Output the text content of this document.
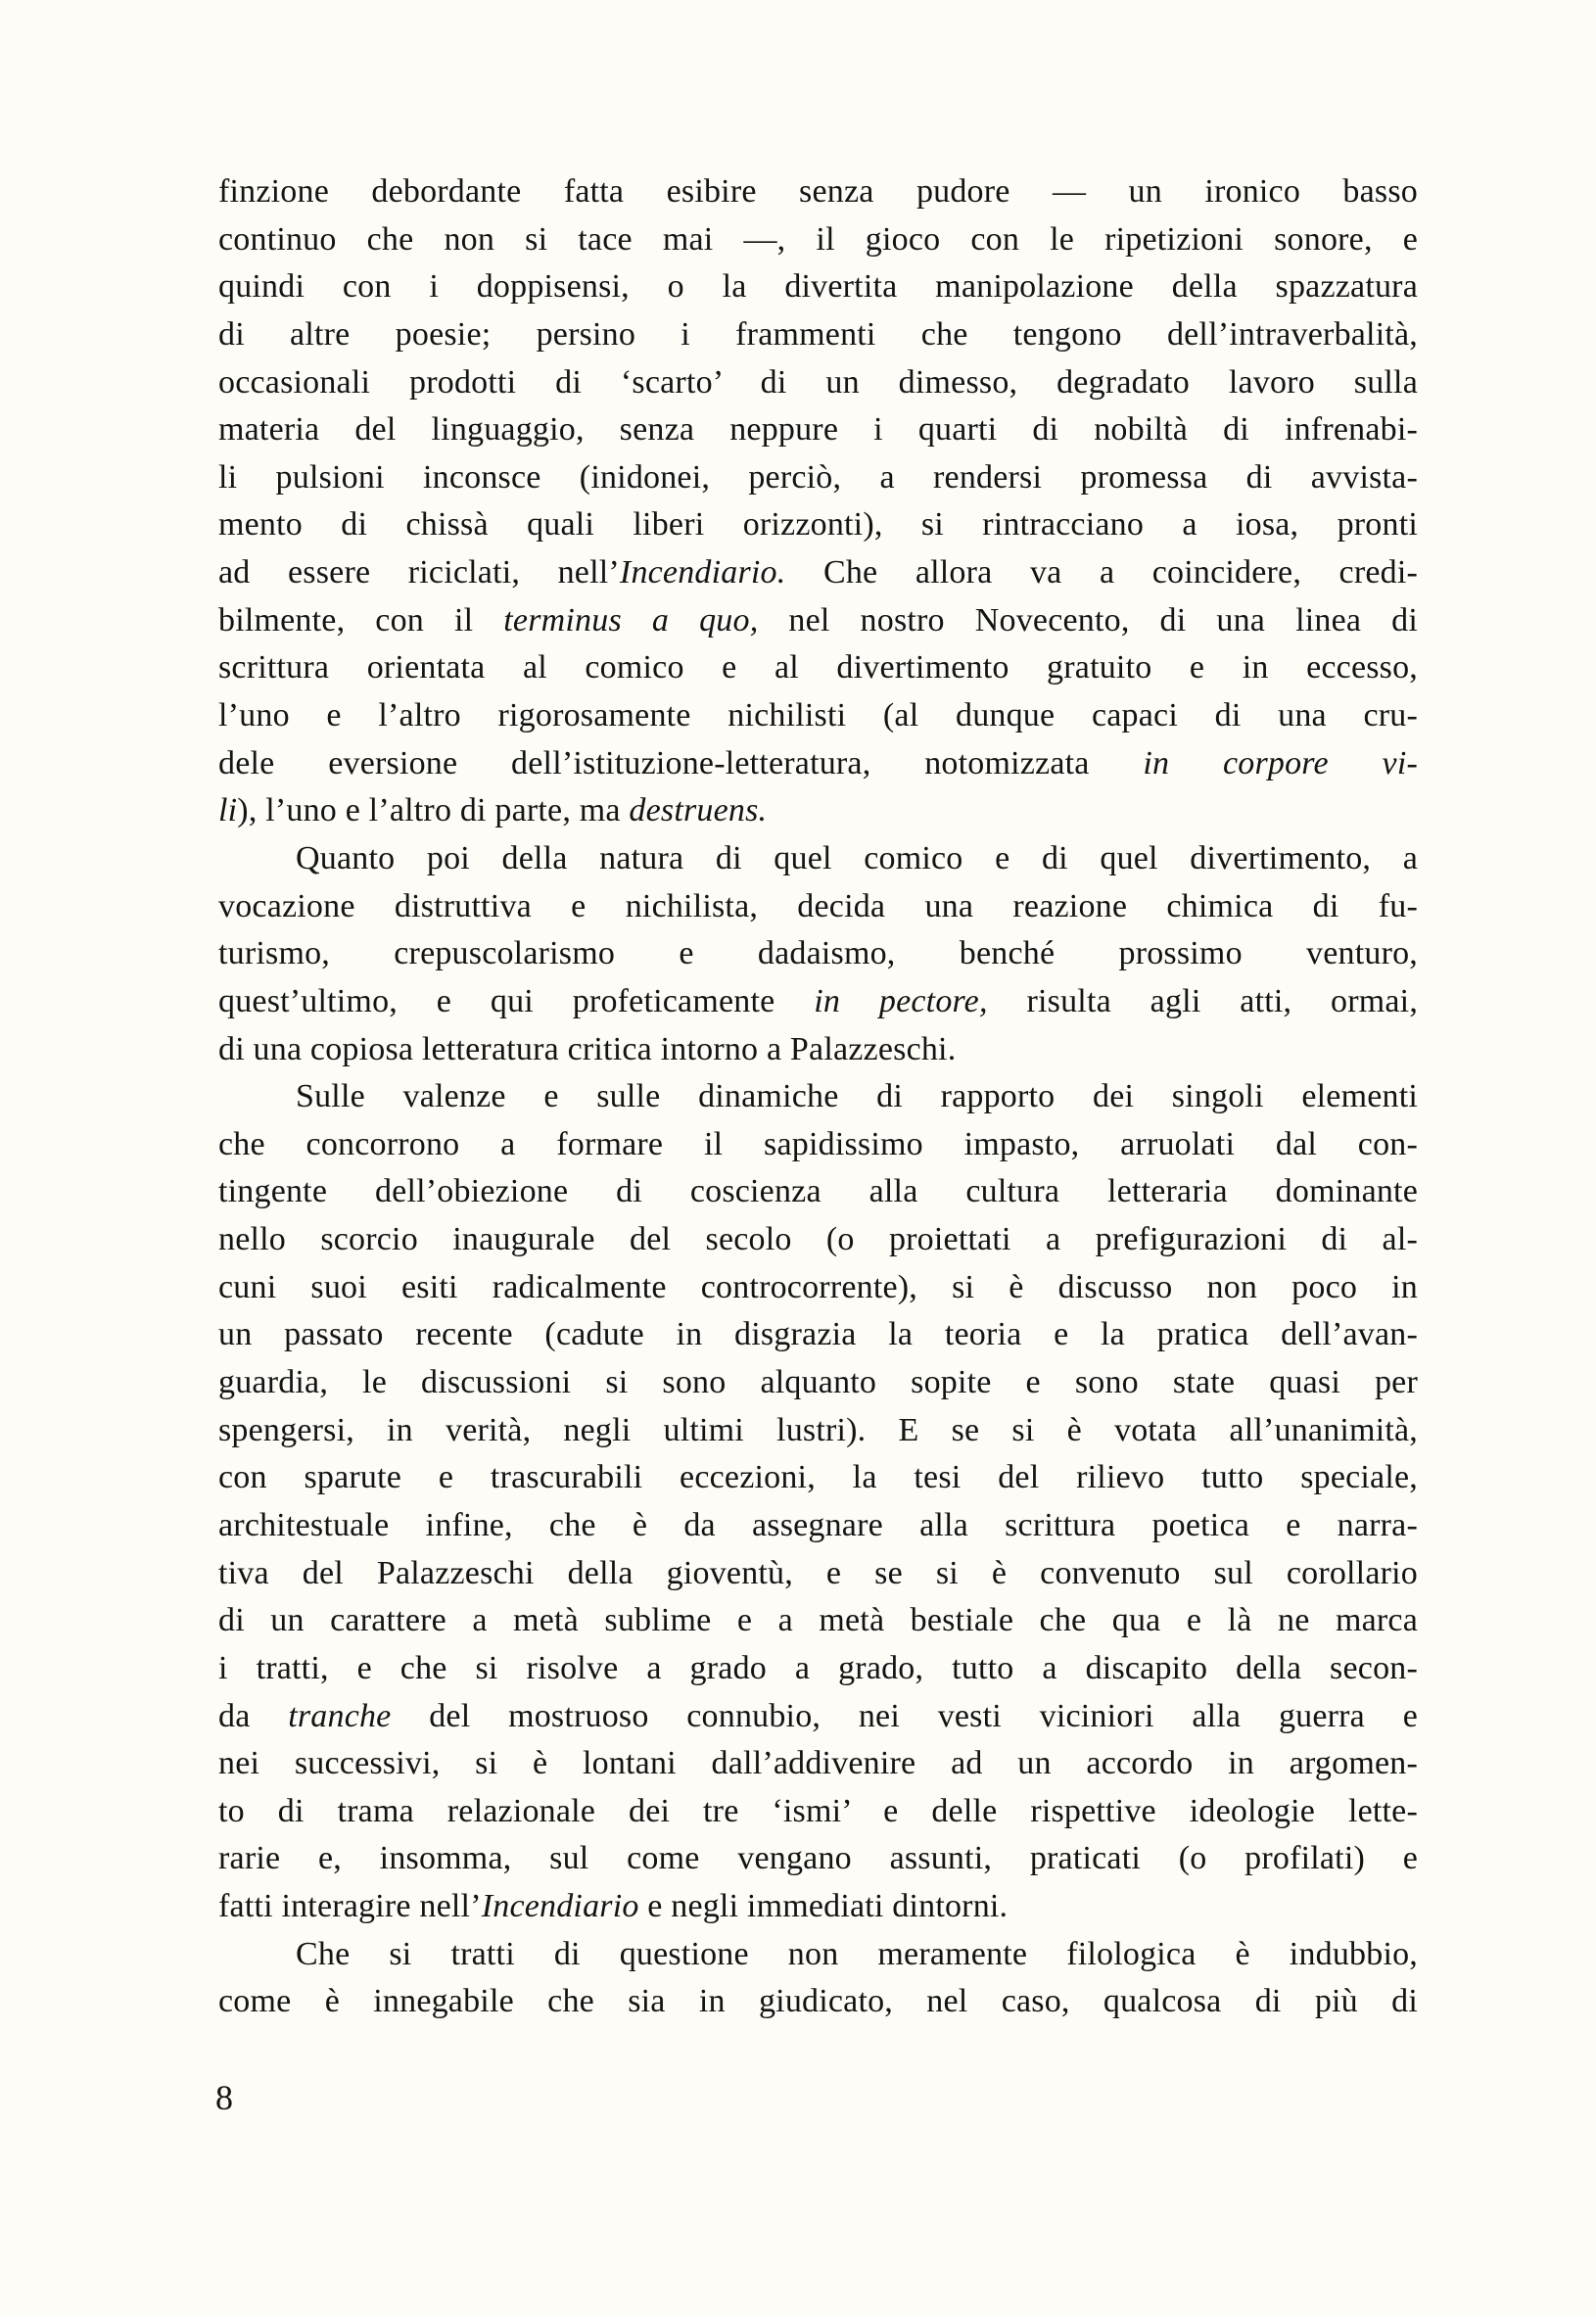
finzione debordante fatta esibire senza pudore — un ironico basso
continuo che non si tace mai —, il gioco con le ripetizioni sonore, e
quindi con i doppisensi, o la divertita manipolazione della spazzatura
di altre poesie; persino i frammenti che tengono dell’intraverbalità,
occasionali prodotti di ‘scarto’ di un dimesso, degradato lavoro sulla
materia del linguaggio, senza neppure i quarti di nobiltà di infrenabi-
li pulsioni inconsce (inidonei, perciò, a rendersi promessa di avvista-
mento di chissà quali liberi orizzonti), si rintracciano a iosa, pronti
ad essere riciclati, nell’Incendiario. Che allora va a coincidere, credi-
bilmente, con il terminus a quo, nel nostro Novecento, di una linea di
scrittura orientata al comico e al divertimento gratuito e in eccesso,
l’uno e l’altro rigorosamente nichilisti (al dunque capaci di una cru-
dele eversione dell’istituzione-letteratura, notomizzata in corpore vi-
li), l’uno e l’altro di parte, ma destruens.
Quanto poi della natura di quel comico e di quel divertimento, a
vocazione distruttiva e nichilista, decida una reazione chimica di fu-
turismo, crepuscolarismo e dadaismo, benché prossimo venturo,
quest’ultimo, e qui profeticamente in pectore, risulta agli atti, ormai,
di una copiosa letteratura critica intorno a Palazzeschi.
Sulle valenze e sulle dinamiche di rapporto dei singoli elementi
che concorrono a formare il sapidissimo impasto, arruolati dal con-
tingente dell’obiezione di coscienza alla cultura letteraria dominante
nello scorcio inaugurale del secolo (o proiettati a prefigurazioni di al-
cuni suoi esiti radicalmente controcorrente), si è discusso non poco in
un passato recente (cadute in disgrazia la teoria e la pratica dell’avan-
guardia, le discussioni si sono alquanto sopite e sono state quasi per
spengersi, in verità, negli ultimi lustri). E se si è votata all’unanimità,
con sparute e trascurabili eccezioni, la tesi del rilievo tutto speciale,
architestuale infine, che è da assegnare alla scrittura poetica e narra-
tiva del Palazzeschi della gioventù, e se si è convenuto sul corollario
di un carattere a metà sublime e a metà bestiale che qua e là ne marca
i tratti, e che si risolve a grado a grado, tutto a discapito della secon-
da tranche del mostruoso connubio, nei vesti viciniori alla guerra e
nei successivi, si è lontani dall’addivenire ad un accordo in argomen-
to di trama relazionale dei tre ‘ismi’ e delle rispettive ideologie lette-
rarie e, insomma, sul come vengano assunti, praticati (o profilati) e
fatti interagire nell’Incendiario e negli immediati dintorni.
Che si tratti di questione non meramente filologica è indubbio,
come è innegabile che sia in giudicato, nel caso, qualcosa di più di
8
